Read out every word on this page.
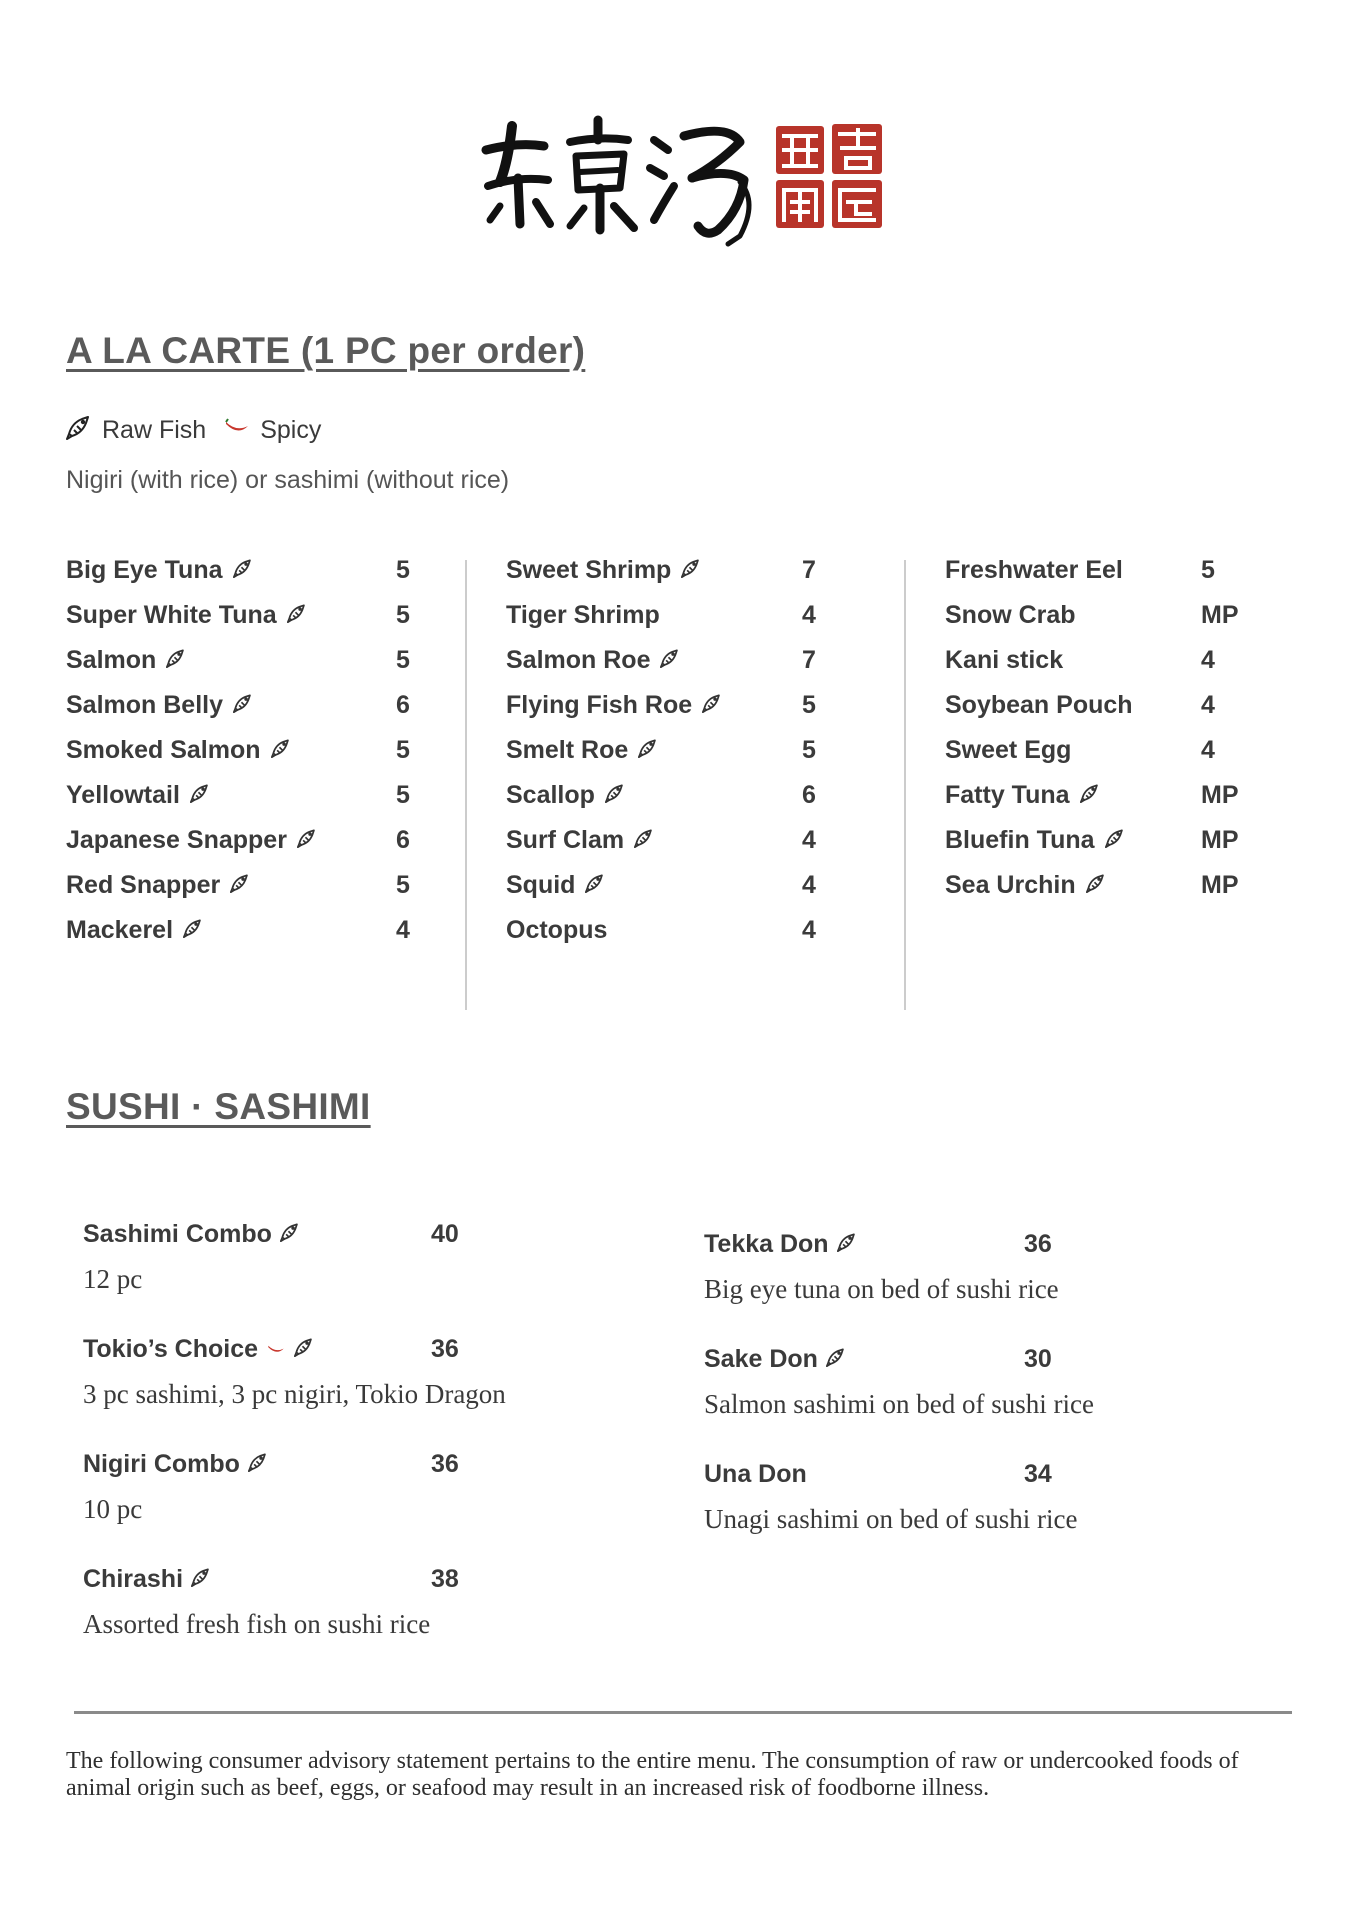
A LA CARTE (1 PC per order)
Raw Fish Spicy

Nigiri (with rice) or sashimi (without rice)

Big Eye Tuna	5
Super White Tuna	5
Salmon	5
Salmon Belly	6
Smoked Salmon	5
Yellowtail	5
Japanese Snapper	6
Red Snapper	5
Mackerel	4
Sweet Shrimp	7
Tiger Shrimp	4
Salmon Roe	7
Flying Fish Roe	5
Smelt Roe	5
Scallop	6
Surf Clam	4
Squid	4
Octopus	4
Freshwater Eel	5
Snow Crab	MP
Kani stick	4
Soybean Pouch	4
Sweet Egg	4
Fatty Tuna	MP
Bluefin Tuna	MP
Sea Urchin	MP
SUSHI · SASHIMI
Sashimi Combo	40
12 pc
Tokio’s Choice	36
3 pc sashimi, 3 pc nigiri, Tokio Dragon
Nigiri Combo	36
10 pc
Chirashi	38
Assorted fresh fish on sushi rice
Tekka Don	36
Big eye tuna on bed of sushi rice
Sake Don	30
Salmon sashimi on bed of sushi rice
Una Don	34
Unagi sashimi on bed of sushi rice

The following consumer advisory statement pertains to the entire menu. The consumption of raw or undercooked foods of animal origin such as beef, eggs, or seafood may result in an increased risk of foodborne illness.
